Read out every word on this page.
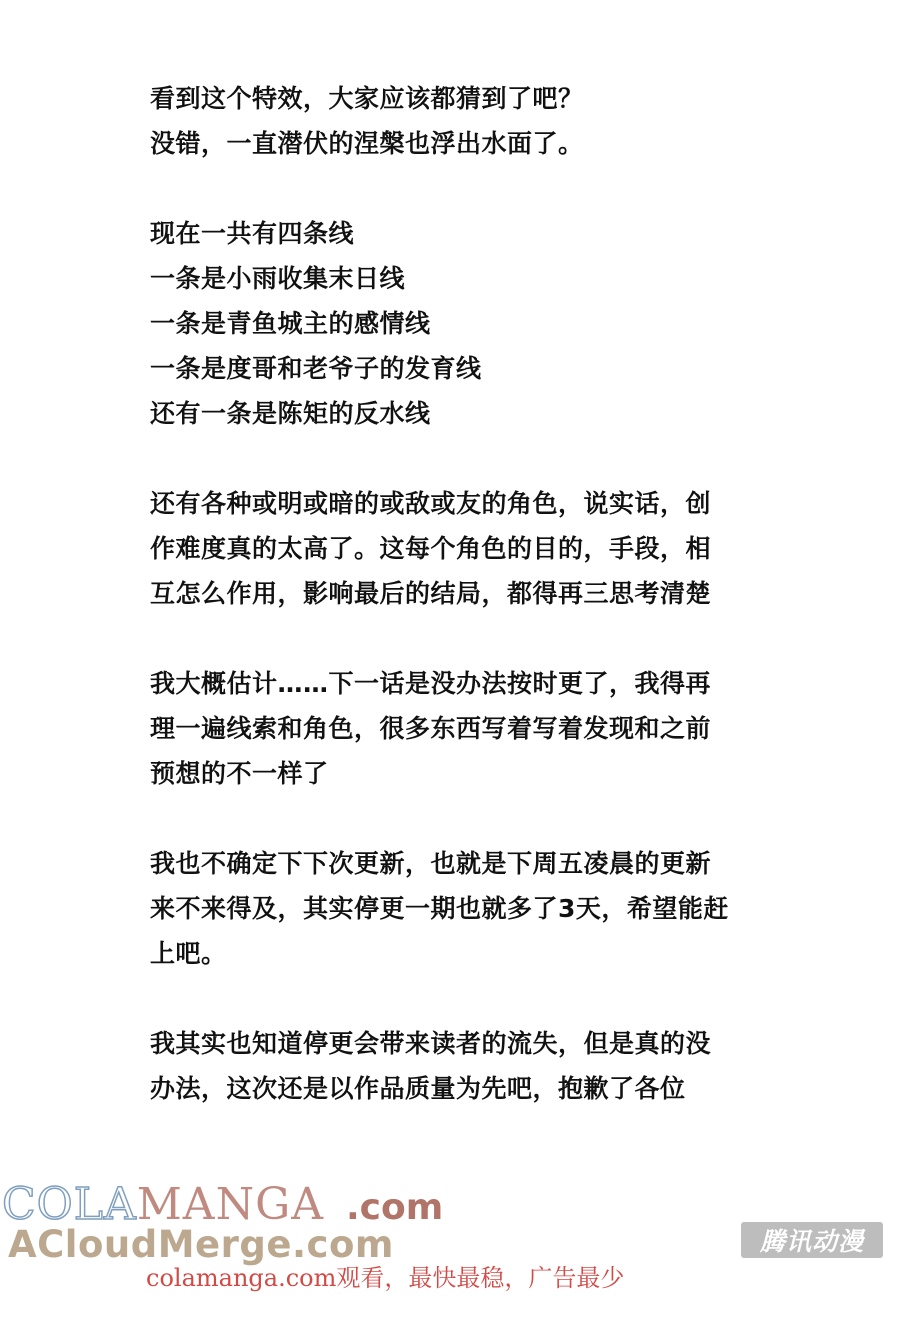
看到这个特效，大家应该都猜到了吧？
没错，一直潜伏的涅槃也浮出水面了。
现在一共有四条线
一条是小雨收集末日线
一条是青鱼城主的感情线
一条是度哥和老爷子的发育线
还有一条是陈矩的反水线
还有各种或明或暗的或敌或友的角色，说实话，创
作难度真的太高了。这每个角色的目的，手段，相
互怎么作用，影响最后的结局，都得再三思考清楚
我大概估计……下一话是没办法按时更了，我得再
理一遍线索和角色，很多东西写着写着发现和之前
预想的不一样了
我也不确定下下次更新，也就是下周五凌晨的更新
来不来得及，其实停更一期也就多了3天，希望能赶
上吧。
我其实也知道停更会带来读者的流失，但是真的没
办法，这次还是以作品质量为先吧，抱歉了各位
COLAMANGA .com
ACloudMerge.com
colamanga.com观看，最快最稳，广告最少
腾讯动漫
